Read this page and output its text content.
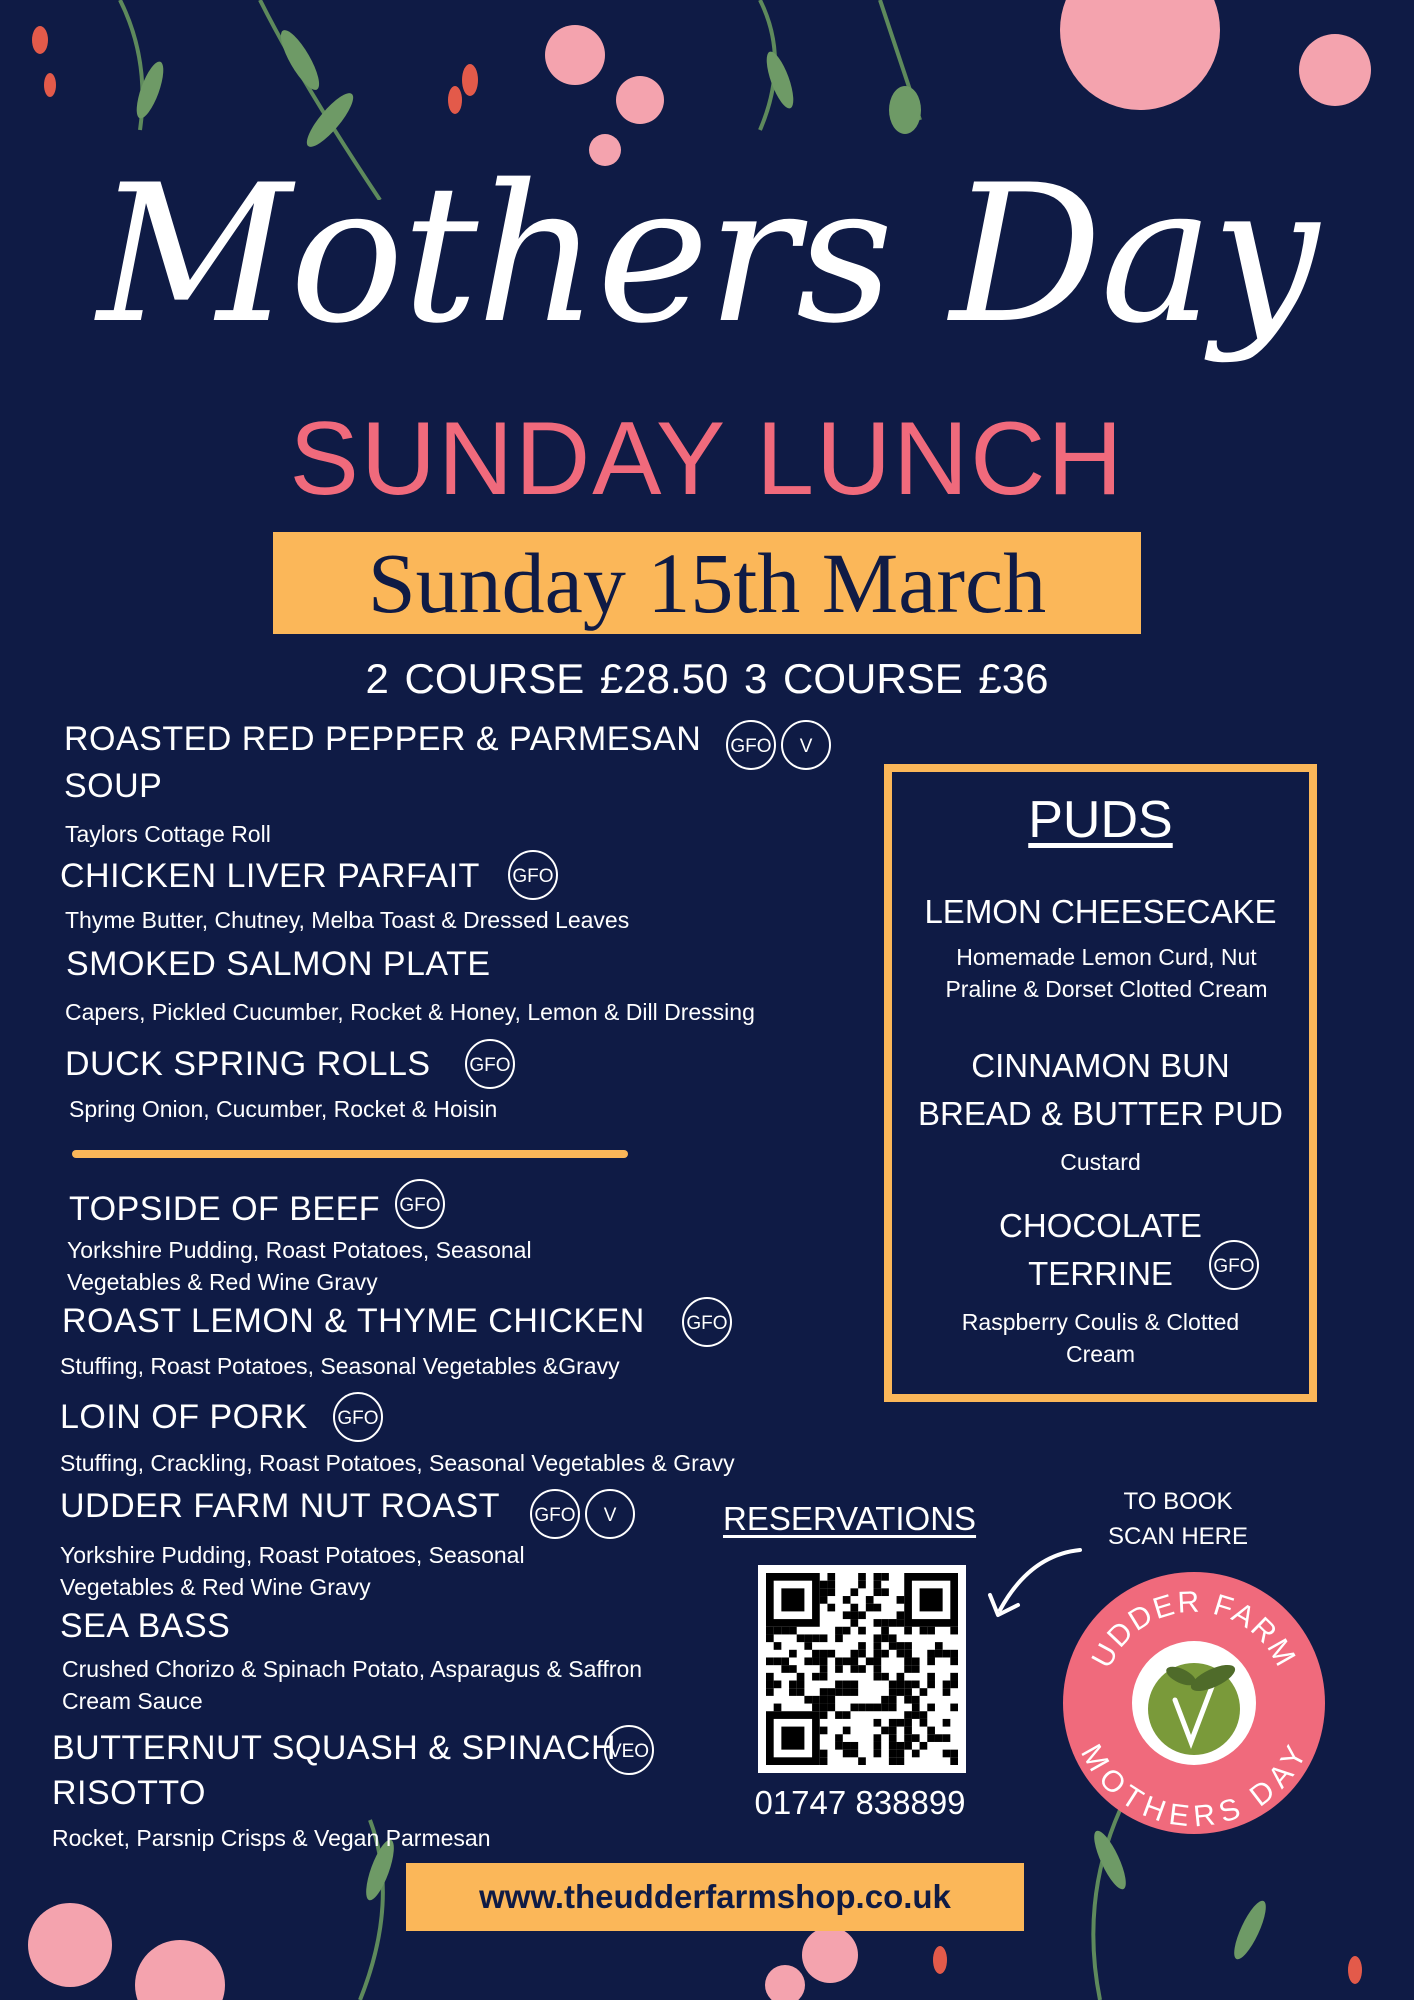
Mothers Day
SUNDAY LUNCH
Sunday 15th March
2 COURSE £28.50 3 COURSE £36
ROASTED RED PEPPER & PARMESAN GFO V
SOUP
Taylors Cottage Roll
CHICKEN LIVER PARFAIT GFO
Thyme Butter, Chutney, Melba Toast & Dressed Leaves
SMOKED SALMON PLATE
Capers, Pickled Cucumber, Rocket & Honey, Lemon & Dill Dressing
DUCK SPRING ROLLS GFO
Spring Onion, Cucumber, Rocket & Hoisin
TOPSIDE OF BEEF GFO
Yorkshire Pudding, Roast Potatoes, Seasonal
Vegetables & Red Wine Gravy
ROAST LEMON & THYME CHICKEN GFO
Stuffing, Roast Potatoes, Seasonal Vegetables &Gravy
LOIN OF PORK GFO
Stuffing, Crackling, Roast Potatoes, Seasonal Vegetables & Gravy
UDDER FARM NUT ROAST GFO V
Yorkshire Pudding, Roast Potatoes, Seasonal
Vegetables & Red Wine Gravy
SEA BASS
Crushed Chorizo & Spinach Potato, Asparagus & Saffron
Cream Sauce
BUTTERNUT SQUASH & SPINACH
VEO
RISOTTO
Rocket, Parsnip Crisps & Vegan Parmesan
PUDS
LEMON CHEESECAKE
Homemade Lemon Curd, Nut
Praline & Dorset Clotted Cream
CINNAMON BUN
BREAD & BUTTER PUD
Custard
CHOCOLATE
TERRINE	GFO
Raspberry Coulis & Clotted
Cream
RESERVATIONS	TO BOOK
SCAN HERE
01747 838899
UDDER FARM
MOTHERS DAY
www.theudderfarmshop.co.uk
